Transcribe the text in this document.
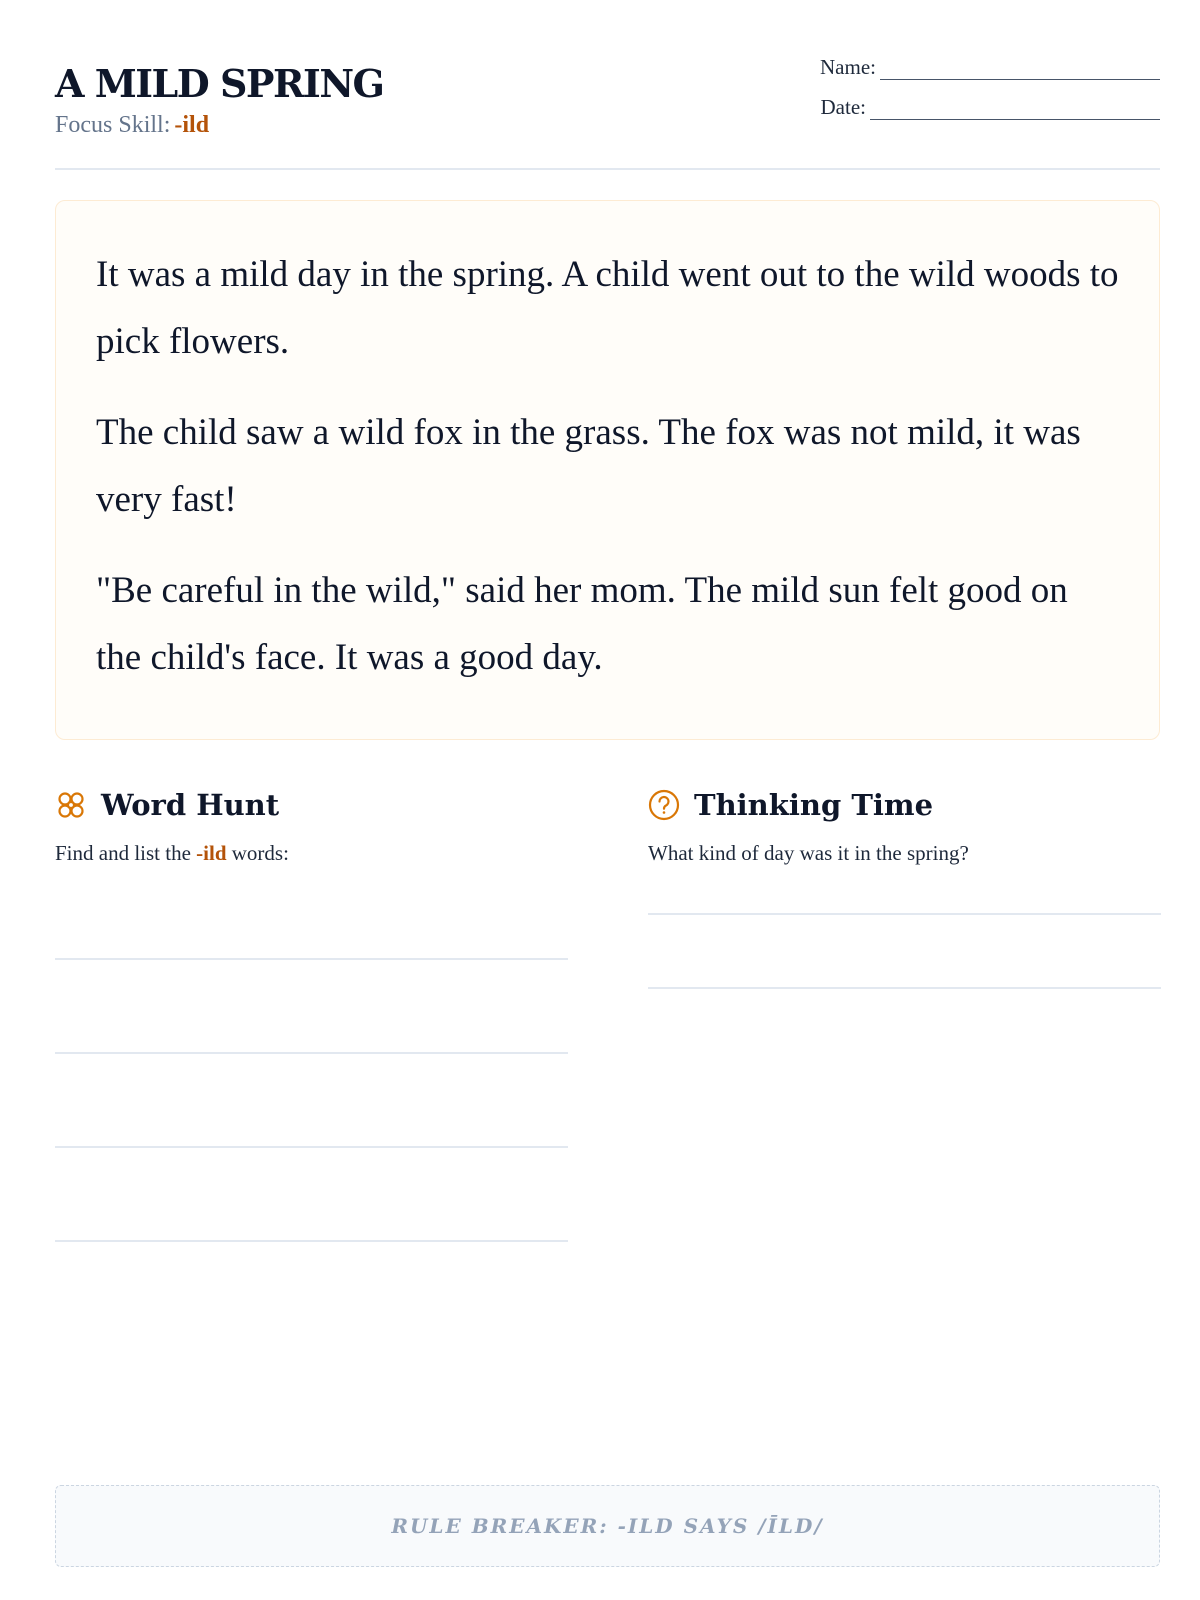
A MILD SPRING
Focus Skill: -ild
Name:
Date:

It was a mild day in the spring. A child went out to the wild woods to pick flowers.

The child saw a wild fox in the grass. The fox was not mild, it was very fast!

"Be careful in the wild," said her mom. The mild sun felt good on the child's face. It was a good day.

Word Hunt
Find and list the -ild words:
Thinking Time
What kind of day was it in the spring?
RULE BREAKER: -ILD SAYS /ĪLD/
